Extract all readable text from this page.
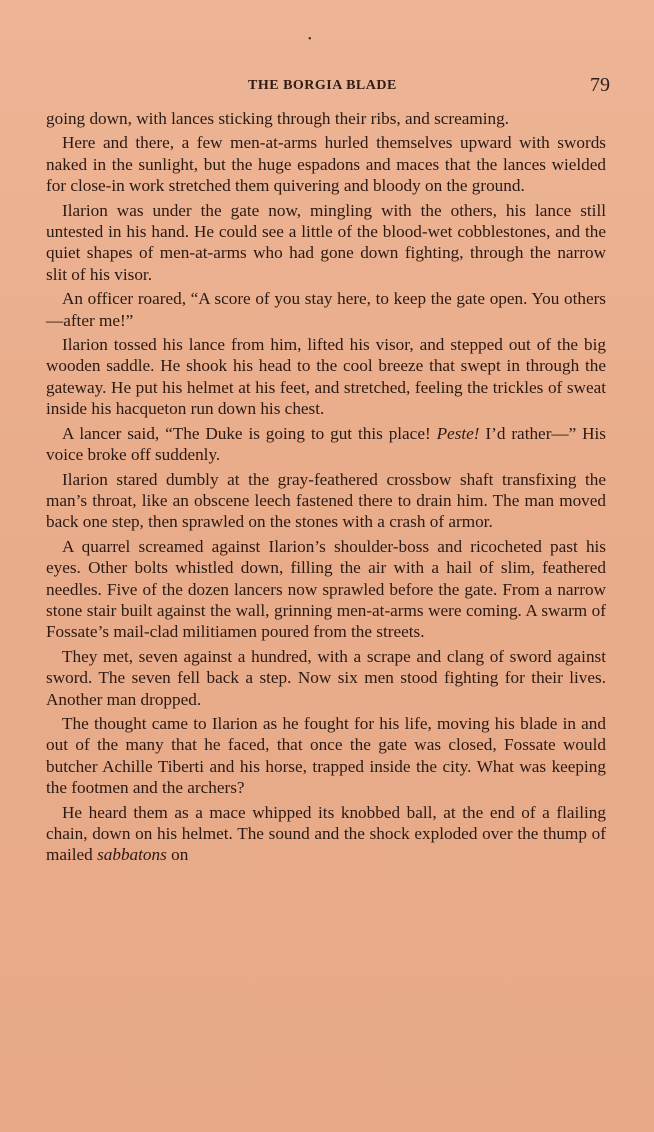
•
THE BORGIA BLADE	79

going down, with lances sticking through their ribs, and screaming.

Here and there, a few men-at-arms hurled themselves upward with swords naked in the sunlight, but the huge espadons and maces that the lances wielded for close-in work stretched them quivering and bloody on the ground.

Ilarion was under the gate now, mingling with the others, his lance still untested in his hand. He could see a little of the blood-wet cobblestones, and the quiet shapes of men-at-arms who had gone down fighting, through the narrow slit of his visor.

An officer roared, “A score of you stay here, to keep the gate open. You others—after me!”

Ilarion tossed his lance from him, lifted his visor, and stepped out of the big wooden saddle. He shook his head to the cool breeze that swept in through the gateway. He put his helmet at his feet, and stretched, feeling the trickles of sweat inside his hacqueton run down his chest.

A lancer said, “The Duke is going to gut this place! Peste! I’d rather—” His voice broke off suddenly.

Ilarion stared dumbly at the gray-feathered crossbow shaft transfixing the man’s throat, like an obscene leech fastened there to drain him. The man moved back one step, then sprawled on the stones with a crash of armor.

A quarrel screamed against Ilarion’s shoulder-boss and ricocheted past his eyes. Other bolts whistled down, filling the air with a hail of slim, feathered needles. Five of the dozen lancers now sprawled before the gate. From a narrow stone stair built against the wall, grinning men-at-arms were coming. A swarm of Fossate’s mail-clad militiamen poured from the streets.

They met, seven against a hundred, with a scrape and clang of sword against sword. The seven fell back a step. Now six men stood fighting for their lives. Another man dropped.

The thought came to Ilarion as he fought for his life, moving his blade in and out of the many that he faced, that once the gate was closed, Fossate would butcher Achille Tiberti and his horse, trapped inside the city. What was keeping the footmen and the archers?

He heard them as a mace whipped its knobbed ball, at the end of a flailing chain, down on his helmet. The sound and the shock exploded over the thump of mailed sabbatons on
